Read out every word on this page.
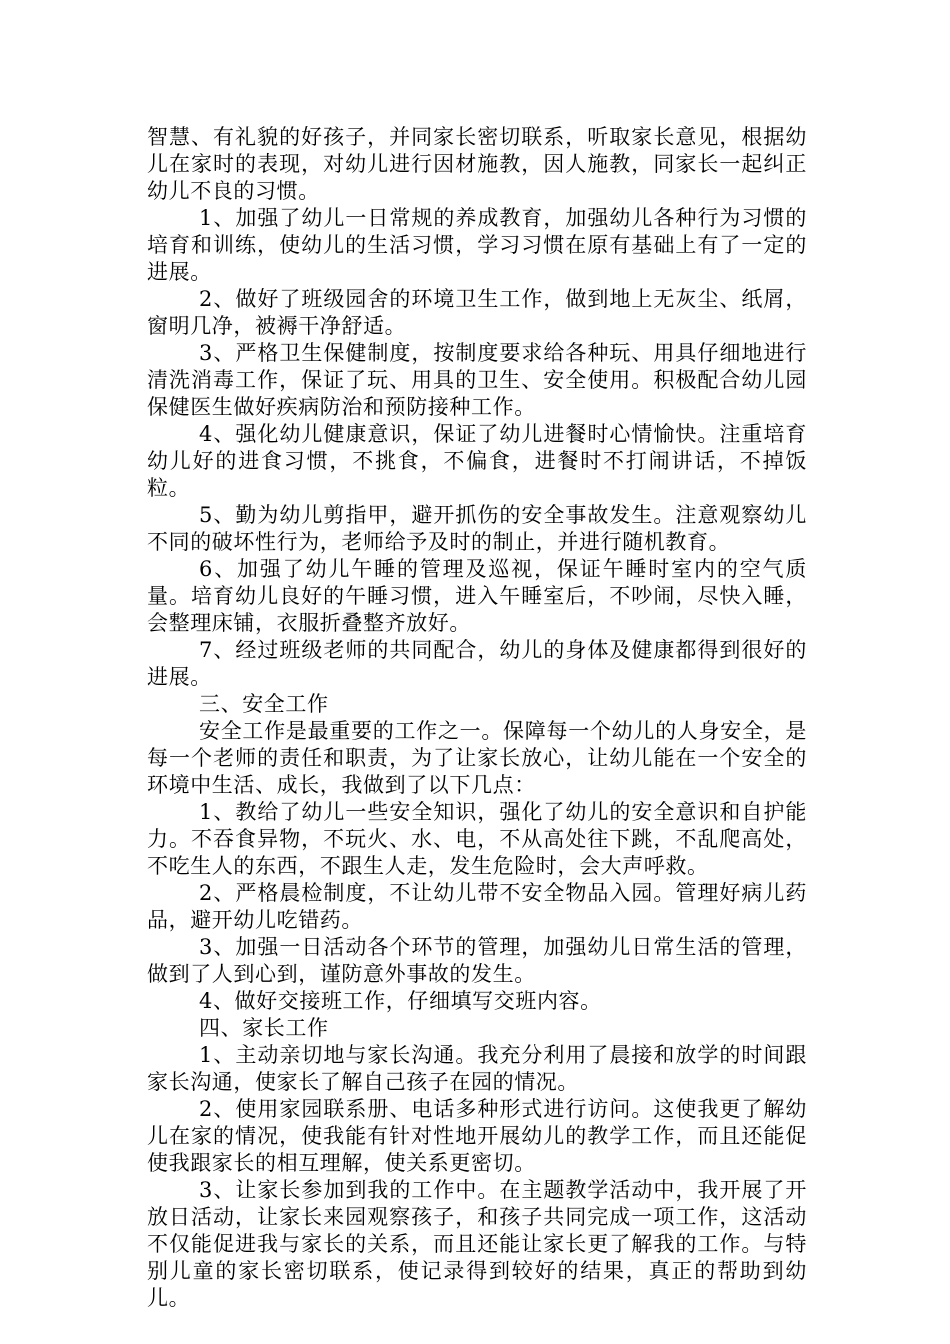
智慧、有礼貌的好孩子，并同家长密切联系，听取家长意见，根据幼儿在家时的表现，对幼儿进行因材施教，因人施教，同家长一起纠正幼儿不良的习惯。

1、加强了幼儿一日常规的养成教育，加强幼儿各种行为习惯的培育和训练，使幼儿的生活习惯，学习习惯在原有基础上有了一定的进展。

2、做好了班级园舍的环境卫生工作，做到地上无灰尘、纸屑，窗明几净，被褥干净舒适。

3、严格卫生保健制度，按制度要求给各种玩、用具仔细地进行清洗消毒工作，保证了玩、用具的卫生、安全使用。积极配合幼儿园保健医生做好疾病防治和预防接种工作。

4、强化幼儿健康意识，保证了幼儿进餐时心情愉快。注重培育幼儿好的进食习惯，不挑食，不偏食，进餐时不打闹讲话，不掉饭粒。

5、勤为幼儿剪指甲，避开抓伤的安全事故发生。注意观察幼儿不同的破坏性行为，老师给予及时的制止，并进行随机教育。

6、加强了幼儿午睡的管理及巡视，保证午睡时室内的空气质量。培育幼儿良好的午睡习惯，进入午睡室后，不吵闹，尽快入睡，会整理床铺，衣服折叠整齐放好。

7、经过班级老师的共同配合，幼儿的身体及健康都得到很好的进展。

三、安全工作

安全工作是最重要的工作之一。保障每一个幼儿的人身安全，是每一个老师的责任和职责，为了让家长放心，让幼儿能在一个安全的环境中生活、成长，我做到了以下几点：

1、教给了幼儿一些安全知识，强化了幼儿的安全意识和自护能力。不吞食异物，不玩火、水、电，不从高处往下跳，不乱爬高处，不吃生人的东西，不跟生人走，发生危险时，会大声呼救。

2、严格晨检制度，不让幼儿带不安全物品入园。管理好病儿药品，避开幼儿吃错药。

3、加强一日活动各个环节的管理，加强幼儿日常生活的管理，做到了人到心到，谨防意外事故的发生。

4、做好交接班工作，仔细填写交班内容。

四、家长工作

1、主动亲切地与家长沟通。我充分利用了晨接和放学的时间跟家长沟通，使家长了解自己孩子在园的情况。

2、使用家园联系册、电话多种形式进行访问。这使我更了解幼儿在家的情况，使我能有针对性地开展幼儿的教学工作，而且还能促使我跟家长的相互理解，使关系更密切。

3、让家长参加到我的工作中。在主题教学活动中，我开展了开放日活动，让家长来园观察孩子，和孩子共同完成一项工作，这活动不仅能促进我与家长的关系，而且还能让家长更了解我的工作。与特别儿童的家长密切联系，使记录得到较好的结果，真正的帮助到幼儿。
